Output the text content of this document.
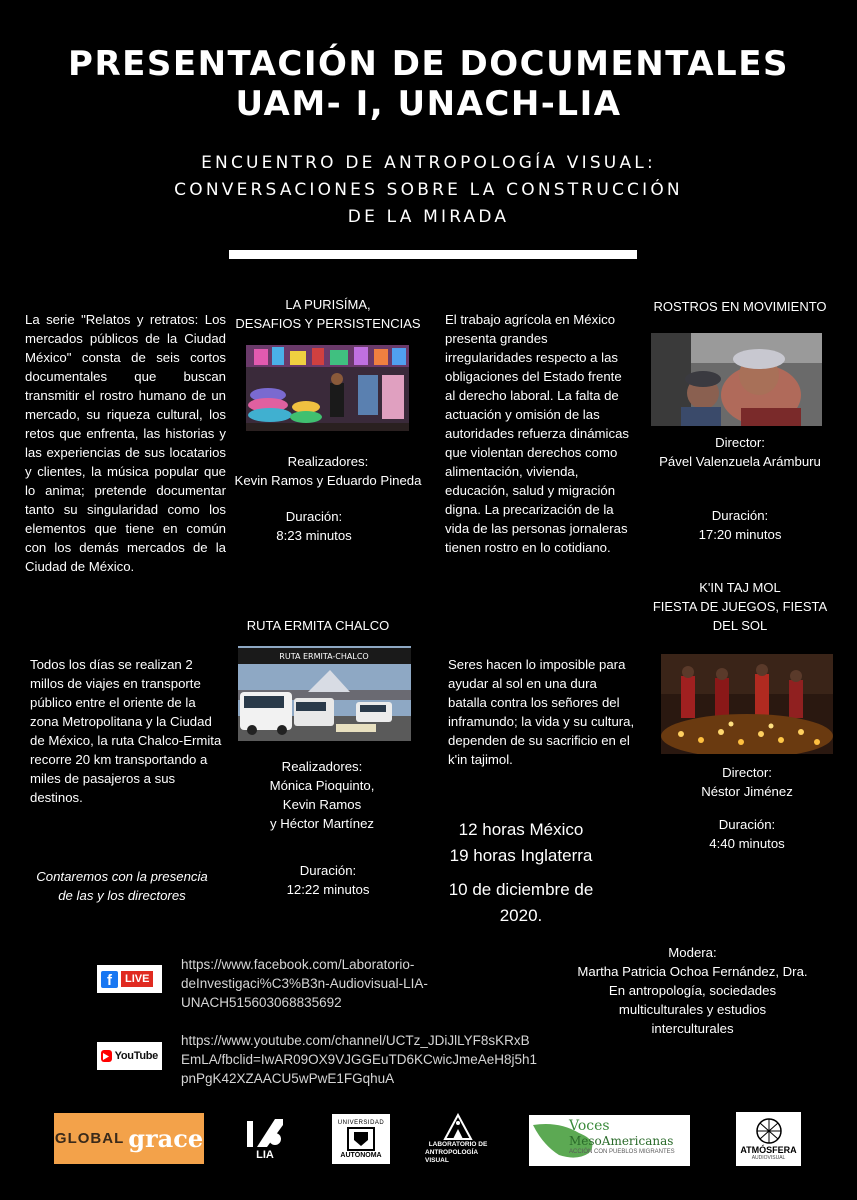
PRESENTACIÓN DE DOCUMENTALES
UAM- I, UNACH-LIA
ENCUENTRO DE ANTROPOLOGÍA VISUAL:
CONVERSACIONES SOBRE LA CONSTRUCCIÓN
DE LA MIRADA
La serie "Relatos y retratos: Los mercados públicos de la Ciudad México" consta de seis cortos documentales que buscan transmitir el rostro humano de un mercado, su riqueza cultural, los retos que enfrenta, las historias y las experiencias de sus locatarios y clientes, la música popular que lo anima; pretende documentar tanto su singularidad como los elementos que tiene en común con los demás mercados de la Ciudad de México.
LA PURISÍMA,
DESAFIOS Y PERSISTENCIAS
Realizadores:
Kevin Ramos y Eduardo Pineda
Duración:
8:23 minutos
El trabajo agrícola en México presenta grandes irregularidades respecto a las obligaciones del Estado frente al derecho laboral. La falta de actuación y omisión de las autoridades refuerza dinámicas que violentan derechos como alimentación, vivienda, educación, salud y migración digna. La precarización de la vida de las personas jornaleras tienen rostro en lo cotidiano.
ROSTROS EN MOVIMIENTO
Director:
Pável Valenzuela Arámburu
Duración:
17:20 minutos
RUTA ERMITA CHALCO
RUTA ERMITA-CHALCO
Todos los días se realizan 2 millos de viajes en transporte público entre el oriente de la zona Metropolitana y la Ciudad de México, la ruta Chalco-Ermita recorre 20 km transportando a miles de pasajeros a sus destinos.
Realizadores:
Mónica Pioquinto,
Kevin Ramos
y Héctor Martínez
Duración:
12:22 minutos
Contaremos con la presencia
de las y los directores
K'IN TAJ MOL
FIESTA DE JUEGOS, FIESTA
DEL SOL
Seres hacen lo imposible para ayudar al sol en una dura batalla contra los señores del inframundo; la vida y su cultura, dependen de su sacrificio en el k'in tajimol.
Director:
Néstor Jiménez
Duración:
4:40 minutos
12 horas México
19 horas Inglaterra
10 de diciembre de
2020.
Modera:
Martha Patricia Ochoa Fernández, Dra.
En antropología, sociedades
multiculturales y estudios
interculturales
f	LIVE
https://www.facebook.com/Laboratorio-
deInvestigaci%C3%B3n-Audiovisual-LIA-
UNACH515603068835692
YouTube
https://www.youtube.com/channel/UCTz_JDiJlLYF8sKRxB
EmLA/fbclid=IwAR09OX9VJGGEuTD6KCwicJmeAeH8j5h1
pnPgK42XZAACU5wPwE1FGqhuA
GLOBAL grace
LIA
UNIVERSIDAD
AUTÓNOMA
LABORATORIO DE
ANTROPOLOGÍA VISUAL
Voces
MesoAmericanas
ACCIÓN CON PUEBLOS MIGRANTES	ATMÓSFERA
AUDIOVISUAL
